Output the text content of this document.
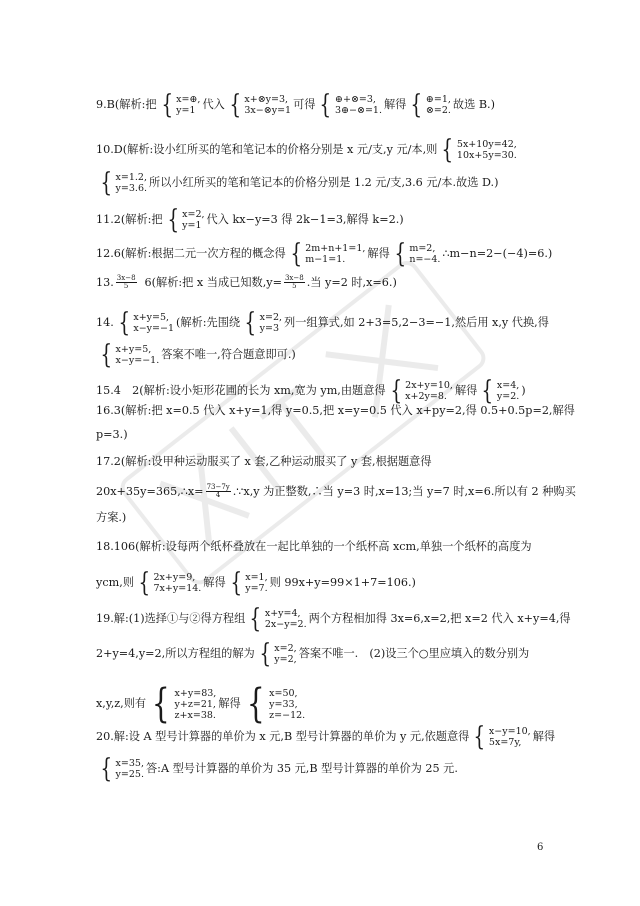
9.B(解析:把 { x=⊕,
y=1 代入 { x+⊗y=3,
3x−⊗y=1 可得 { ⊕+⊗=3,
3⊕−⊗=1. 解得 { ⊕=1,
⊗=2. 故选 B.)
10.D(解析:设小红所买的笔和笔记本的价格分别是 x 元/支,y 元/本,则 { 5x+10y=42,
10x+5y=30.
{ x=1.2,
y=3.6. 所以小红所买的笔和笔记本的价格分别是 1.2 元/支,3.6 元/本.故选 D.)
11.2(解析:把 { x=2,
y=1 代入 kx−y=3 得 2k−1=3,解得 k=2.)
12.6(解析:根据二元一次方程的概念得 { 2m+n+1=1,
m−1=1.	解得 { m=2,
n=−4. ∴m−n=2−(−4)=6.)
13. $\frac{3x-8}{5} 6$(解析:把 x 当成已知数$,y= \frac{3x-8}{5}$ .当 y=2 时,x=6.)
14. { x+y=5,
x−y=−1 (解析:先围绕 { x=2,
y=3 列一组算式,如 2+3=5,2−3=−1,然后用 x,y 代换,得
{ x+y=5,
x−y=−1. 答案不唯一,符合题意即可.)
15.4　2(解析:设小矩形花圃的长为 xm,宽为 ym,由题意得 { 2x+y=10,
x+2y=8. 解得 { x=4,
y=2. )
16.3(解析:把 x=0.5 代入 x+y=1,得 y=0.5,把 x=y=0.5 代入 x+py=2,得 0.5+0.5p=2,解得
p=3.)
17.2(解析:设甲种运动服买了 x 套,乙种运动服买了 y 套,根据题意得
20x+35y=365,∴x= $\frac{73-7y}{4}$ .∵x,y 为正整数,∴当 y=3 时,x=13;当 y=7 时,x=6.所以有 2 种购买
方案.)
18.106(解析:设每两个纸杯叠放在一起比单独的一个纸杯高 xcm,单独一个纸杯的高度为
ycm,则 { 2x+y=9,
7x+y=14. 解得 { x=1,
y=7. 则 99x+y=99×1+7=106.)
19.解:(1)选择①与②得方程组 { x+y=4,
2x−y=2. 两个方程相加得 3x=6,x=2,把 x=2 代入 x+y=4,得
2+y=4,y=2,所以方程组的解为 { x=2,
y=2, 答案不唯一.　(2)设三个○里应填入的数分别为
x,y,z,则有 { x+y=83,
y+z=21,
z+x=38.
解得 { x=50,
y=33,
z=−12.
20.解:设 A 型号计算器的单价为 x 元,B 型号计算器的单价为 y 元,依题意得 { x−y=10,
5x=7y,	解得
{ x=35,
y=25. 答:A 型号计算器的单价为 35 元,B 型号计算器的单价为 25 元.
6
